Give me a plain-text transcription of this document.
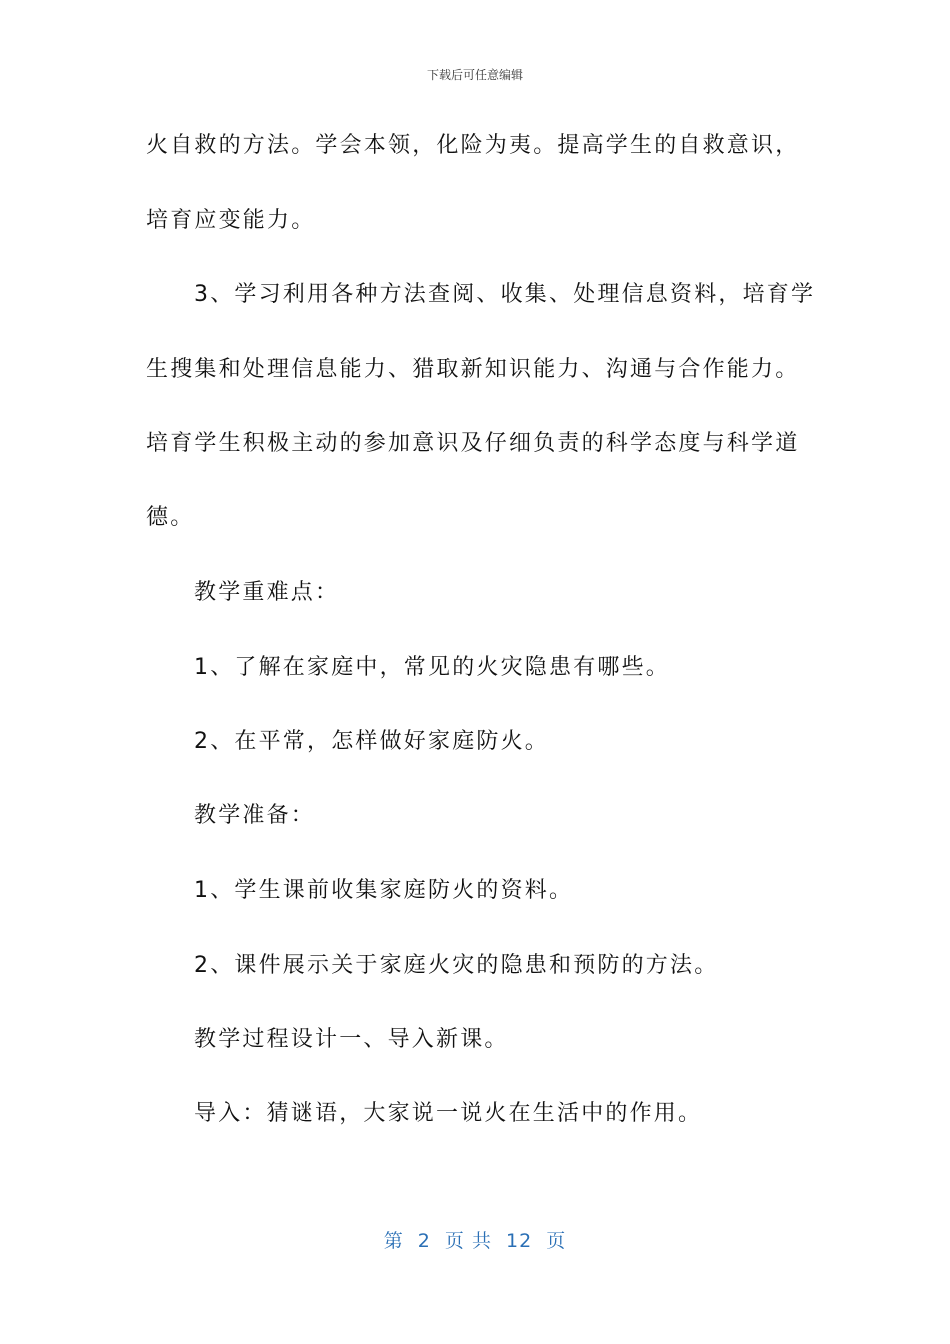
下载后可任意编辑
火自救的方法。学会本领，化险为夷。提高学生的自救意识，
培育应变能力。
3、学习利用各种方法查阅、收集、处理信息资料，培育学
生搜集和处理信息能力、猎取新知识能力、沟通与合作能力。
培育学生积极主动的参加意识及仔细负责的科学态度与科学道
德。
教学重难点：
1、了解在家庭中，常见的火灾隐患有哪些。
2、在平常，怎样做好家庭防火。
教学准备：
1、学生课前收集家庭防火的资料。
2、课件展示关于家庭火灾的隐患和预防的方法。
教学过程设计一、导入新课。
导入：猜谜语，大家说一说火在生活中的作用。
第  2  页 共  12  页
